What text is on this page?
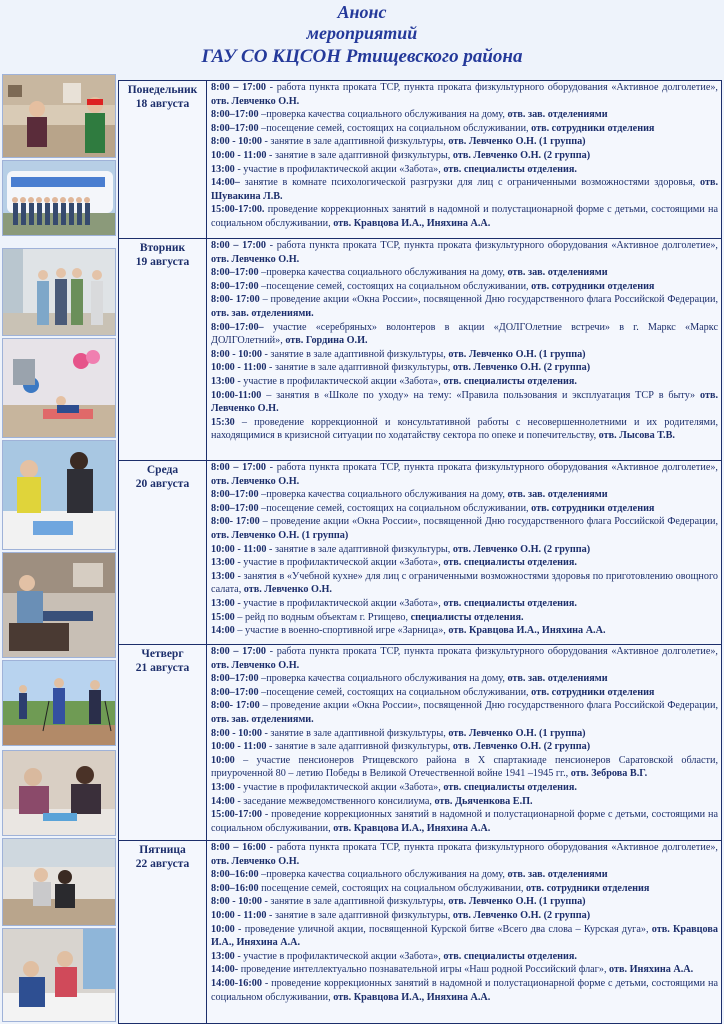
Анонс
мероприятий
ГАУ СО КЦСОН Ртищевского района
Понедельник
18 августа

8:00 – 17:00 - работа пункта проката ТСР, пункта проката физкультурного оборудования «Активное долголетие», отв. Левченко О.Н.

8:00–17:00 –проверка качества социального обслуживания на дому, отв. зав. отделениями

8:00–17:00 –посещение семей, состоящих на социальном обслуживании, отв. сотрудники отделения

8:00 - 10:00 - занятие в зале адаптивной физкультуры, отв. Левченко О.Н. (1 группа)

10:00 - 11:00 - занятие в зале адаптивной физкультуры, отв. Левченко О.Н. (2 группа)

13:00 - участие в профилактической акции «Забота», отв. специалисты отделения.

14:00– занятие в комнате психологической разгрузки для лиц с ограниченными возможностями здоровья, отв. Шувакина Л.В.

15:00-17:00. проведение коррекционных занятий в надомной и полустационарной форме с детьми, состоящими на социальном обслуживании, отв. Кравцова И.А., Иняхина А.А.

Вторник
19 августа

8:00 – 17:00 - работа пункта проката ТСР, пункта проката физкультурного оборудования «Активное долголетие», отв. Левченко О.Н.

8:00–17:00 –проверка качества социального обслуживания на дому, отв. зав. отделениями

8:00–17:00 –посещение семей, состоящих на социальном обслуживании, отв. сотрудники отделения

8:00- 17:00 – проведение акции «Окна России», посвященной Дню государственного флага Российской Федерации, отв. зав. отделениями.

8:00–17:00– участие «серебряных» волонтеров в акции «ДОЛГОлетние встречи» в г. Маркс «Маркс ДОЛГОлетний», отв. Гордина О.И.

8:00 - 10:00 - занятие в зале адаптивной физкультуры, отв. Левченко О.Н. (1 группа)

10:00 - 11:00 - занятие в зале адаптивной физкультуры, отв. Левченко О.Н. (2 группа)

13:00 - участие в профилактической акции «Забота», отв. специалисты отделения.

10:00-11:00 – занятия в «Школе по уходу» на тему: «Правила пользования и эксплуатация ТСР в быту» отв. Левченко О.Н.

15:30 – проведение коррекционной и консультативной работы с несовершеннолетними и их родителями, находящимися в кризисной ситуации по ходатайству сектора по опеке и попечительству, отв. Лысова Т.В.

Среда
20 августа

8:00 – 17:00 - работа пункта проката ТСР, пункта проката физкультурного оборудования «Активное долголетие», отв. Левченко О.Н.

8:00–17:00 –проверка качества социального обслуживания на дому, отв. зав. отделениями

8:00–17:00 –посещение семей, состоящих на социальном обслуживании, отв. сотрудники отделения

8:00- 17:00 – проведение акции «Окна России», посвященной Дню государственного флага Российской Федерации, отв. Левченко О.Н. (1 группа)

10:00 - 11:00 - занятие в зале адаптивной физкультуры, отв. Левченко О.Н. (2 группа)

13:00 - участие в профилактической акции «Забота», отв. специалисты отделения.

13:00 - занятия в «Учебной кухне» для лиц с ограниченными возможностями здоровья по приготовлению овощного салата, отв. Левченко О.Н.

13:00 - участие в профилактической акции «Забота», отв. специалисты отделения.

15:00 – рейд по водным объектам г. Ртищево, специалисты отделения.

14:00 – участие в военно-спортивной игре «Зарница», отв. Кравцова И.А., Иняхина А.А.

Четверг
21 августа

8:00 – 17:00 - работа пункта проката ТСР, пункта проката физкультурного оборудования «Активное долголетие», отв. Левченко О.Н.

8:00–17:00 –проверка качества социального обслуживания на дому, отв. зав. отделениями

8:00–17:00 –посещение семей, состоящих на социальном обслуживании, отв. сотрудники отделения

8:00- 17:00 – проведение акции «Окна России», посвященной Дню государственного флага Российской Федерации, отв. зав. отделениями.

8:00 - 10:00 - занятие в зале адаптивной физкультуры, отв. Левченко О.Н. (1 группа)

10:00 - 11:00 - занятие в зале адаптивной физкультуры, отв. Левченко О.Н. (2 группа)

10:00 – участие пенсионеров Ртищевского района в Х спартакиаде пенсионеров Саратовской области, приуроченной 80 – летию Победы в Великой Отечественной войне 1941 –1945 гг., отв. Зеброва В.Г.

13:00 - участие в профилактической акции «Забота», отв. специалисты отделения.

14:00 - заседание межведомственного консилиума, отв. Дьяченкова Е.П.

15:00-17:00 - проведение коррекционных занятий в надомной и полустационарной форме с детьми, состоящими на социальном обслуживании, отв. Кравцова И.А., Иняхина А.А.

Пятница
22 августа

8:00 – 16:00 - работа пункта проката ТСР, пункта проката физкультурного оборудования «Активное долголетие», отв. Левченко О.Н.

8:00–16:00 –проверка качества социального обслуживания на дому, отв. зав. отделениями

8:00–16:00 посещение семей, состоящих на социальном обслуживании, отв. сотрудники отделения

8:00 - 10:00 - занятие в зале адаптивной физкультуры, отв. Левченко О.Н. (1 группа)

10:00 - 11:00 - занятие в зале адаптивной физкультуры, отв. Левченко О.Н. (2 группа)

10:00 - проведение уличной акции, посвященной Курской битве «Всего два слова – Курская дуга», отв. Кравцова И.А., Иняхина А.А.

13:00 - участие в профилактической акции «Забота», отв. специалисты отделения.

14:00- проведение интеллектуально познавательной игры «Наш родной Российский флаг», отв. Иняхина А.А.

14:00-16:00 - проведение коррекционных занятий в надомной и полустационарной форме с детьми, состоящими на социальном обслуживании, отв. Кравцова И.А., Иняхина А.А.
